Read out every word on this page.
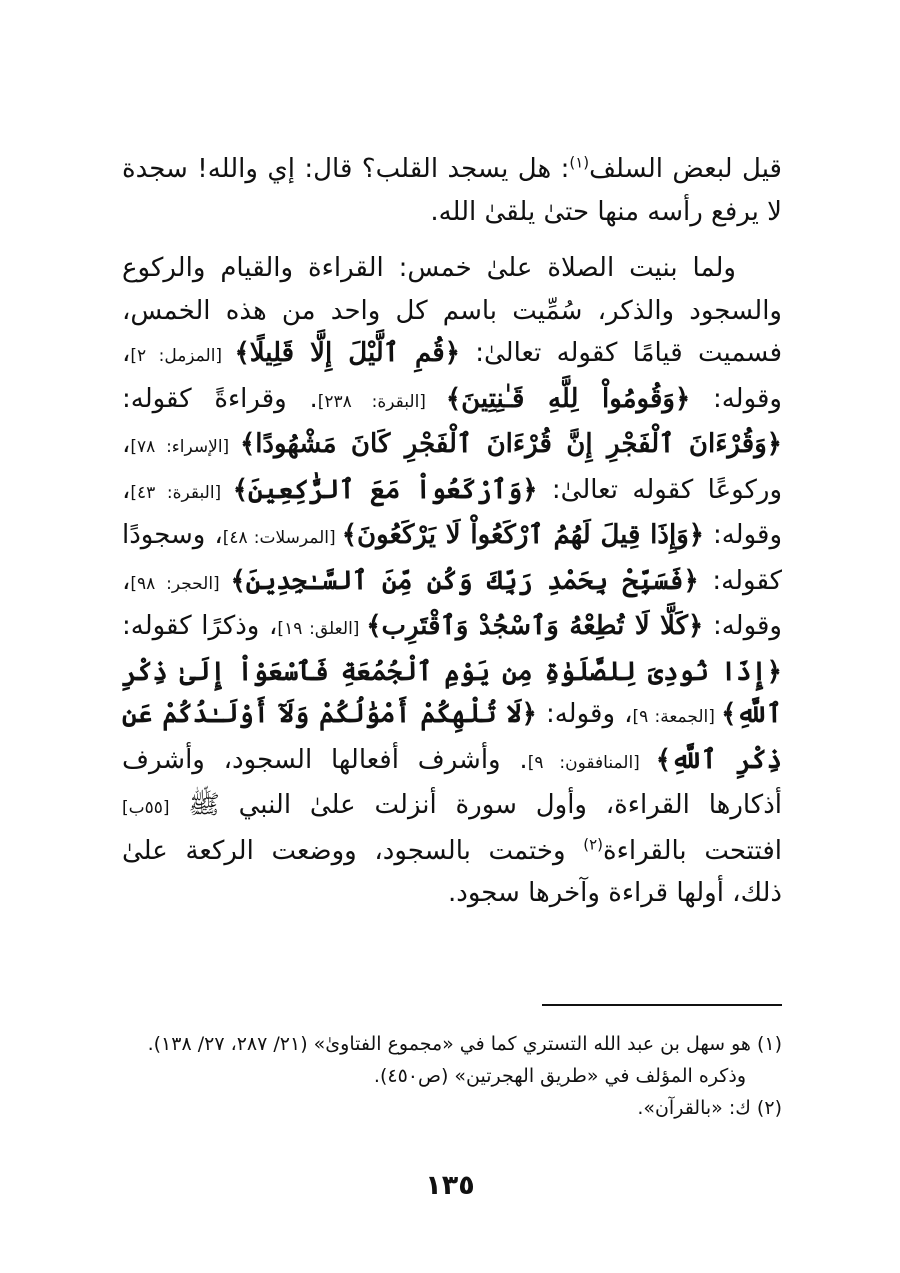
قيل لبعض السلف$^{(١)}$: هل يسجد القلب؟ قال: إي والله! سجدة لا يرفع رأسه منها حتىٰ يلقىٰ الله.

ولما بنيت الصلاة علىٰ خمس: القراءة والقيام والركوع والسجود والذكر، سُمِّيت باسم كل واحد من هذه الخمس، فسميت قيامًا كقوله تعالىٰ: ﴿قُمِ ٱلَّيْلَ إِلَّا قَلِيلًا﴾ [المزمل: ٢]، وقوله: ﴿وَقُومُواْ لِلَّهِ قَـٰنِتِينَ﴾ [البقرة: ٢٣٨]. وقراءةً كقوله: ﴿وَقُرْءَانَ ٱلْفَجْرِ إِنَّ قُرْءَانَ ٱلْفَجْرِ كَانَ مَشْهُودًا﴾ [الإسراء: ٧٨]، وركوعًا كقوله تعالىٰ: ﴿وَٱرْكَعُواْ مَعَ ٱلرَّٰكِعِينَ﴾ [البقرة: ٤٣]، وقوله: ﴿وَإِذَا قِيلَ لَهُمُ ٱرْكَعُواْ لَا يَرْكَعُونَ﴾ [المرسلات: ٤٨]، وسجودًا كقوله: ﴿فَسَبِّحْ بِحَمْدِ رَبِّكَ وَكُن مِّنَ ٱلسَّـٰجِدِينَ﴾ [الحجر: ٩٨]، وقوله: ﴿كَلَّا لَا تُطِعْهُ وَٱسْجُدْ وَٱقْتَرِب﴾ [العلق: ١٩]، وذكرًا كقوله: ﴿إِذَا نُودِىَ لِلصَّلَوٰةِ مِن يَوْمِ ٱلْجُمُعَةِ فَٱسْعَوْاْ إِلَىٰ ذِكْرِ ٱللَّهِ﴾ [الجمعة: ٩]، وقوله: ﴿لَا تُلْهِكُمْ أَمْوَٰلُكُمْ وَلَآ أَوْلَـٰدُكُمْ عَن ذِكْرِ ٱللَّهِ﴾ [المنافقون: ٩]. وأشرف أفعالها السجود، وأشرف أذكارها القراءة، وأول سورة أنزلت علىٰ النبي ﷺ [٥٥ب] افتتحت بالقراءة$^{(٢)}$ وختمت بالسجود، ووضعت الركعة علىٰ ذلك، أولها قراءة وآخرها سجود.

(١) هو سهل بن عبد الله التستري كما في «مجموع الفتاوىٰ» (٢١/ ٢٨٧، ٢٧/ ١٣٨).

وذكره المؤلف في «طريق الهجرتين» (ص٤٥٠).

(٢) ك: «بالقرآن».

١٣٥
